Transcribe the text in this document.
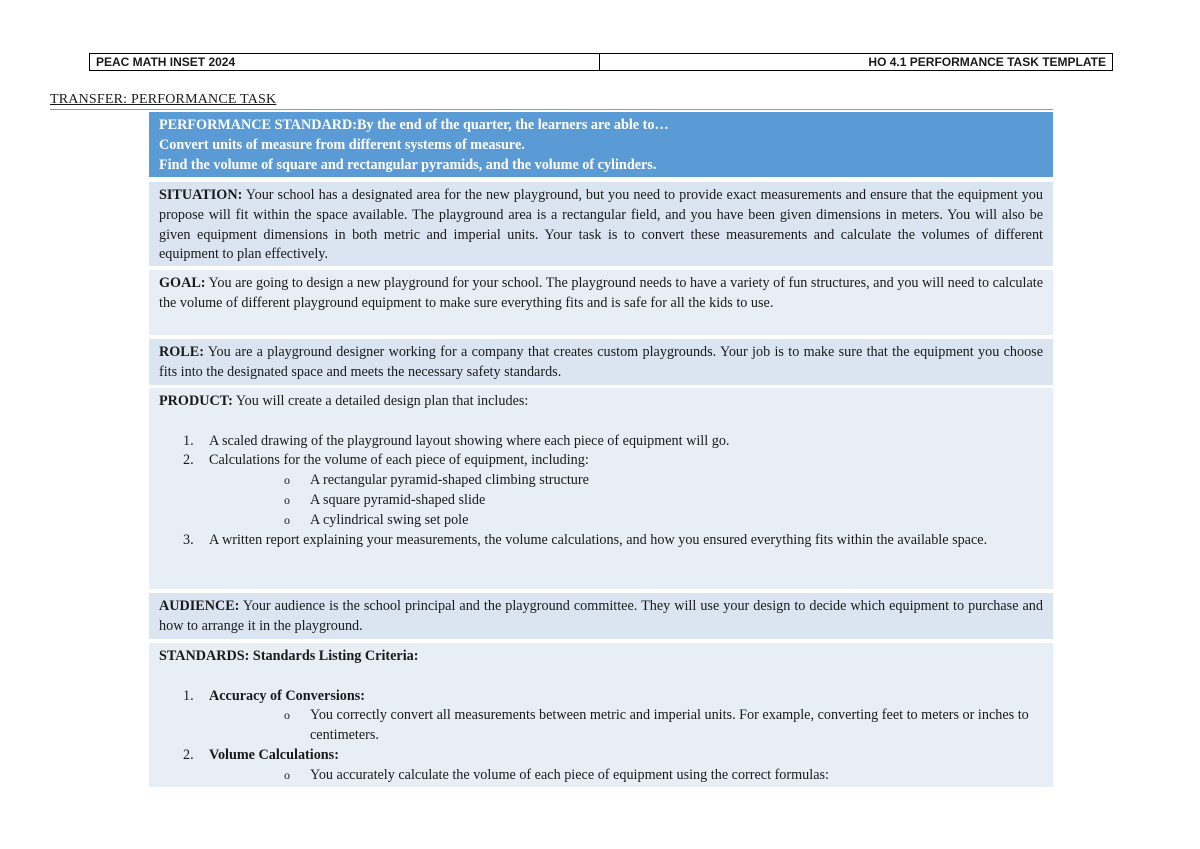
PEAC MATH INSET 2024	HO 4.1 PERFORMANCE TASK TEMPLATE
TRANSFER: PERFORMANCE TASK
PERFORMANCE STANDARD:By the end of the quarter, the learners are able to…
Convert units of measure from different systems of measure.
Find the volume of square and rectangular pyramids, and the volume of cylinders.
SITUATION: Your school has a designated area for the new playground, but you need to provide exact measurements and ensure that the equipment you propose will fit within the space available. The playground area is a rectangular field, and you have been given dimensions in meters. You will also be given equipment dimensions in both metric and imperial units. Your task is to convert these measurements and calculate the volumes of different equipment to plan effectively.
GOAL: You are going to design a new playground for your school. The playground needs to have a variety of fun structures, and you will need to calculate the volume of different playground equipment to make sure everything fits and is safe for all the kids to use.
ROLE: You are a playground designer working for a company that creates custom playgrounds. Your job is to make sure that the equipment you choose fits into the designated space and meets the necessary safety standards.
PRODUCT: You will create a detailed design plan that includes:
1. A scaled drawing of the playground layout showing where each piece of equipment will go.
2. Calculations for the volume of each piece of equipment, including:
o A rectangular pyramid-shaped climbing structure
o A square pyramid-shaped slide
o A cylindrical swing set pole
3. A written report explaining your measurements, the volume calculations, and how you ensured everything fits within the available space.
AUDIENCE: Your audience is the school principal and the playground committee. They will use your design to decide which equipment to purchase and how to arrange it in the playground.
STANDARDS: Standards Listing Criteria:
1. Accuracy of Conversions:
o You correctly convert all measurements between metric and imperial units. For example, converting feet to meters or inches to centimeters.
2. Volume Calculations:
o You accurately calculate the volume of each piece of equipment using the correct formulas:
